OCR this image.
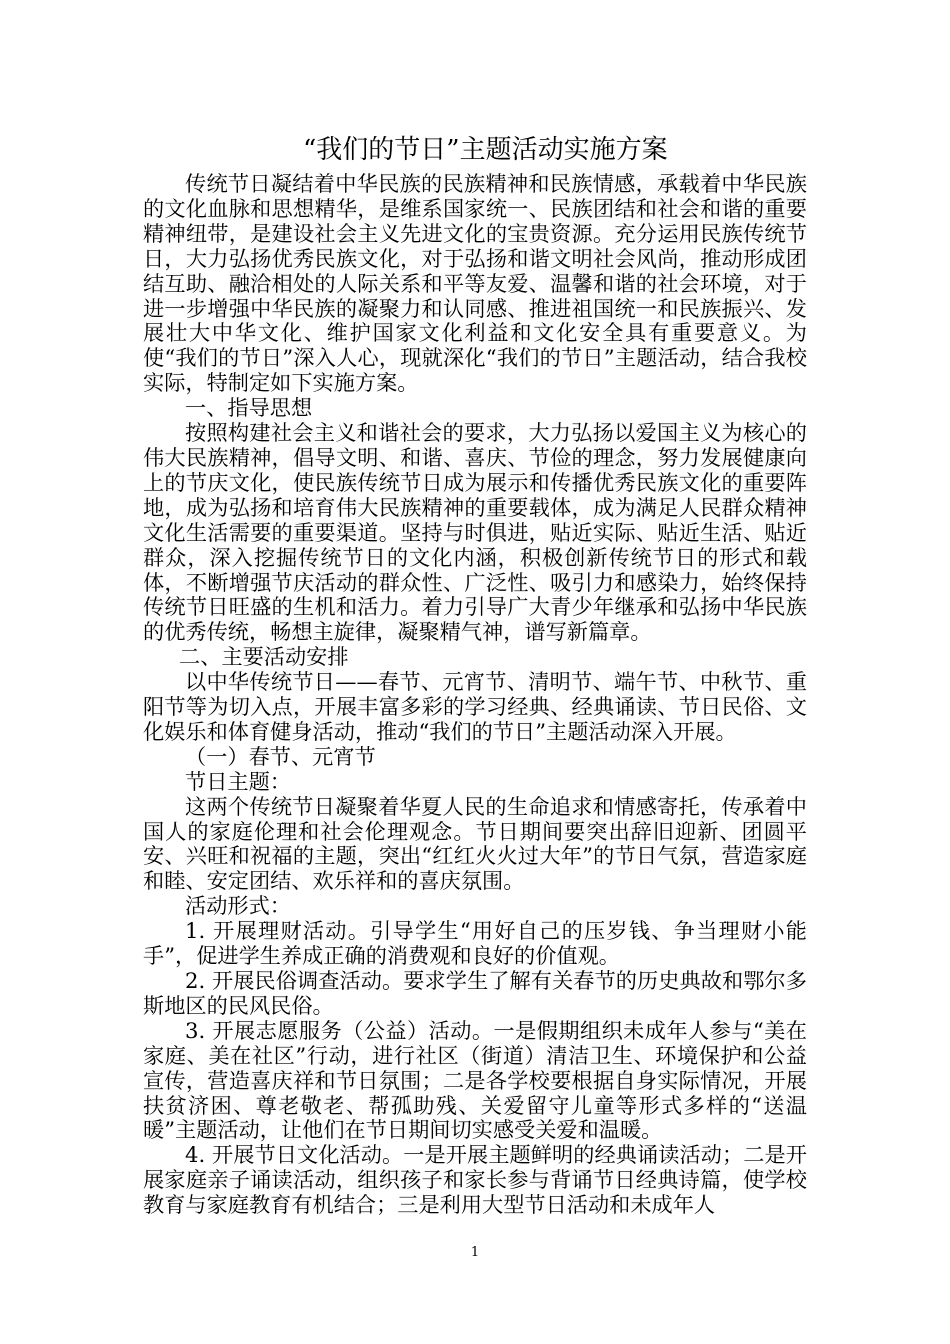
“我们的节日”主题活动实施方案

传统节日凝结着中华民族的民族精神和民族情感，承载着中华民族的文化血脉和思想精华，是维系国家统一、民族团结和社会和谐的重要精神纽带，是建设社会主义先进文化的宝贵资源。充分运用民族传统节日，大力弘扬优秀民族文化，对于弘扬和谐文明社会风尚，推动形成团结互助、融洽相处的人际关系和平等友爱、温馨和谐的社会环境，对于进一步增强中华民族的凝聚力和认同感、推进祖国统一和民族振兴、发展壮大中华文化、维护国家文化利益和文化安全具有重要意义。为使“我们的节日”深入人心，现就深化“我们的节日”主题活动，结合我校实际，特制定如下实施方案。

一、指导思想

按照构建社会主义和谐社会的要求，大力弘扬以爱国主义为核心的伟大民族精神，倡导文明、和谐、喜庆、节俭的理念，努力发展健康向上的节庆文化，使民族传统节日成为展示和传播优秀民族文化的重要阵地，成为弘扬和培育伟大民族精神的重要载体，成为满足人民群众精神文化生活需要的重要渠道。坚持与时俱进，贴近实际、贴近生活、贴近群众，深入挖掘传统节日的文化内涵，积极创新传统节日的形式和载体，不断增强节庆活动的群众性、广泛性、吸引力和感染力，始终保持传统节日旺盛的生机和活力。着力引导广大青少年继承和弘扬中华民族的优秀传统，畅想主旋律，凝聚精气神，谱写新篇章。

二、主要活动安排

以中华传统节日——春节、元宵节、清明节、端午节、中秋节、重阳节等为切入点，开展丰富多彩的学习经典、经典诵读、节日民俗、文化娱乐和体育健身活动，推动“我们的节日”主题活动深入开展。

（一）春节、元宵节

节日主题：

这两个传统节日凝聚着华夏人民的生命追求和情感寄托，传承着中国人的家庭伦理和社会伦理观念。节日期间要突出辞旧迎新、团圆平安、兴旺和祝福的主题，突出“红红火火过大年”的节日气氛，营造家庭和睦、安定团结、欢乐祥和的喜庆氛围。

活动形式：

1. 开展理财活动。引导学生“用好自己的压岁钱、争当理财小能手”，促进学生养成正确的消费观和良好的价值观。

2. 开展民俗调查活动。要求学生了解有关春节的历史典故和鄂尔多斯地区的民风民俗。

3. 开展志愿服务（公益）活动。一是假期组织未成年人参与“美在家庭、美在社区”行动，进行社区（街道）清洁卫生、环境保护和公益宣传，营造喜庆祥和节日氛围；二是各学校要根据自身实际情况，开展扶贫济困、尊老敬老、帮孤助残、关爱留守儿童等形式多样的“送温暖”主题活动，让他们在节日期间切实感受关爱和温暖。

4. 开展节日文化活动。一是开展主题鲜明的经典诵读活动；二是开展家庭亲子诵读活动，组织孩子和家长参与背诵节日经典诗篇，使学校教育与家庭教育有机结合；三是利用大型节日活动和未成年人

1
